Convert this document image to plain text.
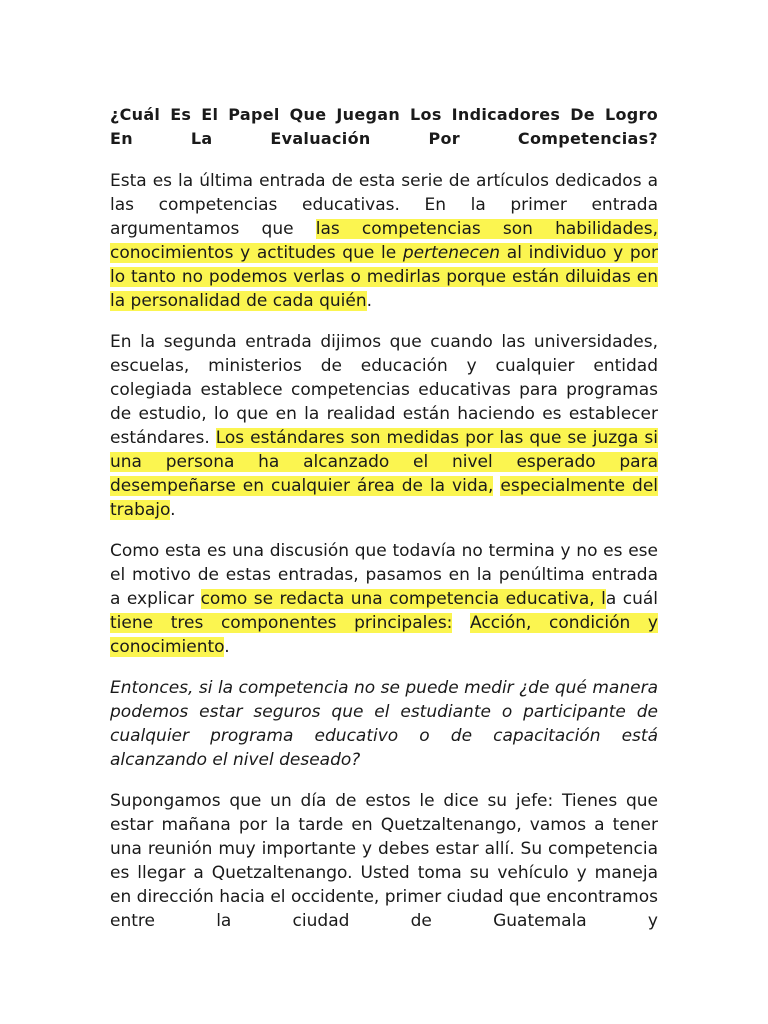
¿Cuál Es El Papel Que Juegan Los Indicadores De Logro
En La Evaluación Por Competencias?

Esta es la última entrada de esta serie de artículos dedicados a las competencias educativas. En la primer entrada argumentamos que las competencias son habilidades, conocimientos y actitudes que le pertenecen al individuo y por lo tanto no podemos verlas o medirlas porque están diluidas en la personalidad de cada quién.

En la segunda entrada dijimos que cuando las universidades, escuelas, ministerios de educación y cualquier entidad colegiada establece competencias educativas para programas de estudio, lo que en la realidad están haciendo es establecer estándares. Los estándares son medidas por las que se juzga si una persona ha alcanzado el nivel esperado para desempeñarse en cualquier área de la vida, especialmente del trabajo.

Como esta es una discusión que todavía no termina y no es ese el motivo de estas entradas, pasamos en la penúltima entrada a explicar como se redacta una competencia educativa, la cuál tiene tres componentes principales: Acción, condición y conocimiento.

Entonces, si la competencia no se puede medir ¿de qué manera podemos estar seguros que el estudiante o participante de cualquier programa educativo o de capacitación está alcanzando el nivel deseado?

Supongamos que un día de estos le dice su jefe: Tienes que estar mañana por la tarde en Quetzaltenango, vamos a tener una reunión muy importante y debes estar allí. Su competencia es llegar a Quetzaltenango. Usted toma su vehículo y maneja en dirección hacia el occidente, primer ciudad que encontramos entre la ciudad de Guatemala y
